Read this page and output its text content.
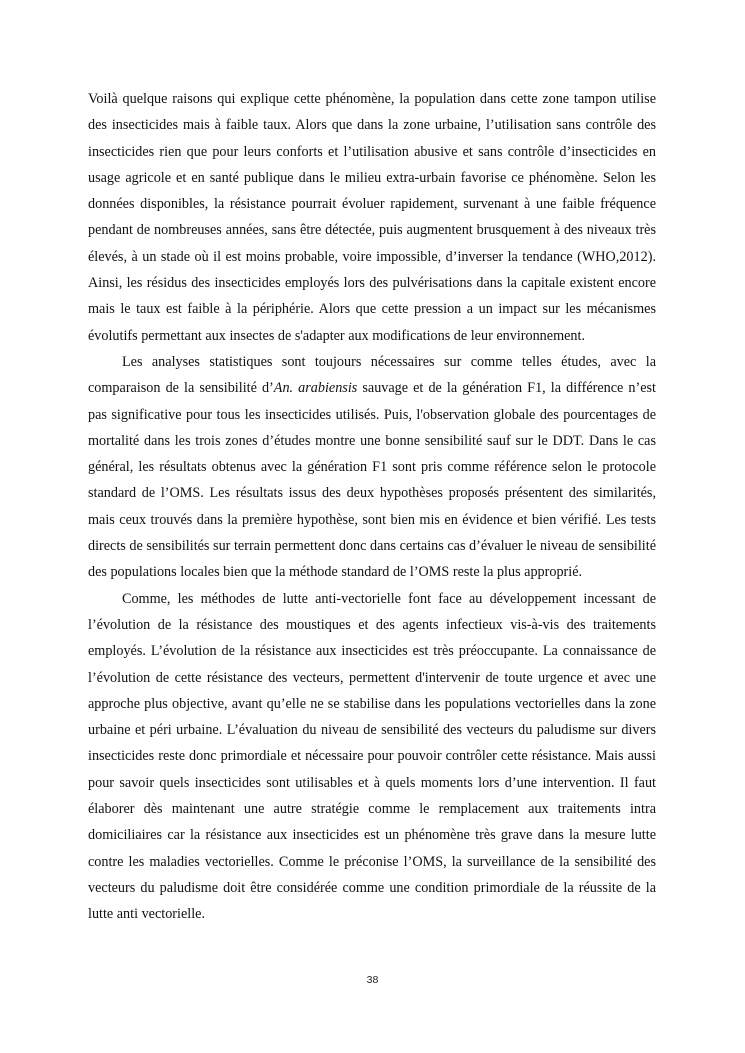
Voilà quelque raisons qui explique cette phénomène, la population dans cette zone tampon utilise des insecticides mais à faible taux. Alors que dans la zone urbaine, l’utilisation sans contrôle des insecticides rien que pour leurs conforts et l’utilisation abusive et sans contrôle d’insecticides en usage agricole et en santé publique dans le milieu extra-urbain favorise ce phénomène. Selon les données disponibles, la résistance pourrait évoluer rapidement, survenant à une faible fréquence pendant de nombreuses années, sans être détectée, puis augmentent brusquement à des niveaux très élevés, à un stade où il est moins probable, voire impossible, d’inverser la tendance (WHO,2012). Ainsi, les résidus des insecticides employés lors des pulvérisations dans la capitale existent encore mais le taux est faible à la périphérie. Alors que cette pression a un impact sur les mécanismes évolutifs permettant aux insectes de s'adapter aux modifications de leur environnement.

Les analyses statistiques sont toujours nécessaires sur comme telles études, avec la comparaison de la sensibilité d’An. arabiensis sauvage et de la génération F1, la différence n’est pas significative pour tous les insecticides utilisés. Puis, l'observation globale des pourcentages de mortalité dans les trois zones d’études montre une bonne sensibilité sauf sur le DDT. Dans le cas général, les résultats obtenus avec la génération F1 sont pris comme référence selon le protocole standard de l’OMS. Les résultats issus des deux hypothèses proposés présentent des similarités, mais ceux trouvés dans la première hypothèse, sont bien mis en évidence et bien vérifié. Les tests directs de sensibilités sur terrain permettent donc dans certains cas d’évaluer le niveau de sensibilité des populations locales bien que la méthode standard de l’OMS reste la plus approprié.

Comme, les méthodes de lutte anti-vectorielle font face au développement incessant de l’évolution de la résistance des moustiques et des agents infectieux vis-à-vis des traitements employés. L’évolution de la résistance aux insecticides est très préoccupante. La connaissance de l’évolution de cette résistance des vecteurs, permettent d'intervenir de toute urgence et avec une approche plus objective, avant qu’elle ne se stabilise dans les populations vectorielles dans la zone urbaine et péri urbaine. L’évaluation du niveau de sensibilité des vecteurs du paludisme sur divers insecticides reste donc primordiale et nécessaire pour pouvoir contrôler cette résistance. Mais aussi pour savoir quels insecticides sont utilisables et à quels moments lors d’une intervention. Il faut élaborer dès maintenant une autre stratégie comme le remplacement aux traitements intra domiciliaires car la résistance aux insecticides est un phénomène très grave dans la mesure lutte contre les maladies vectorielles. Comme le préconise l’OMS, la surveillance de la sensibilité des vecteurs du paludisme doit être considérée comme une condition primordiale de la réussite de la lutte anti vectorielle.

38
